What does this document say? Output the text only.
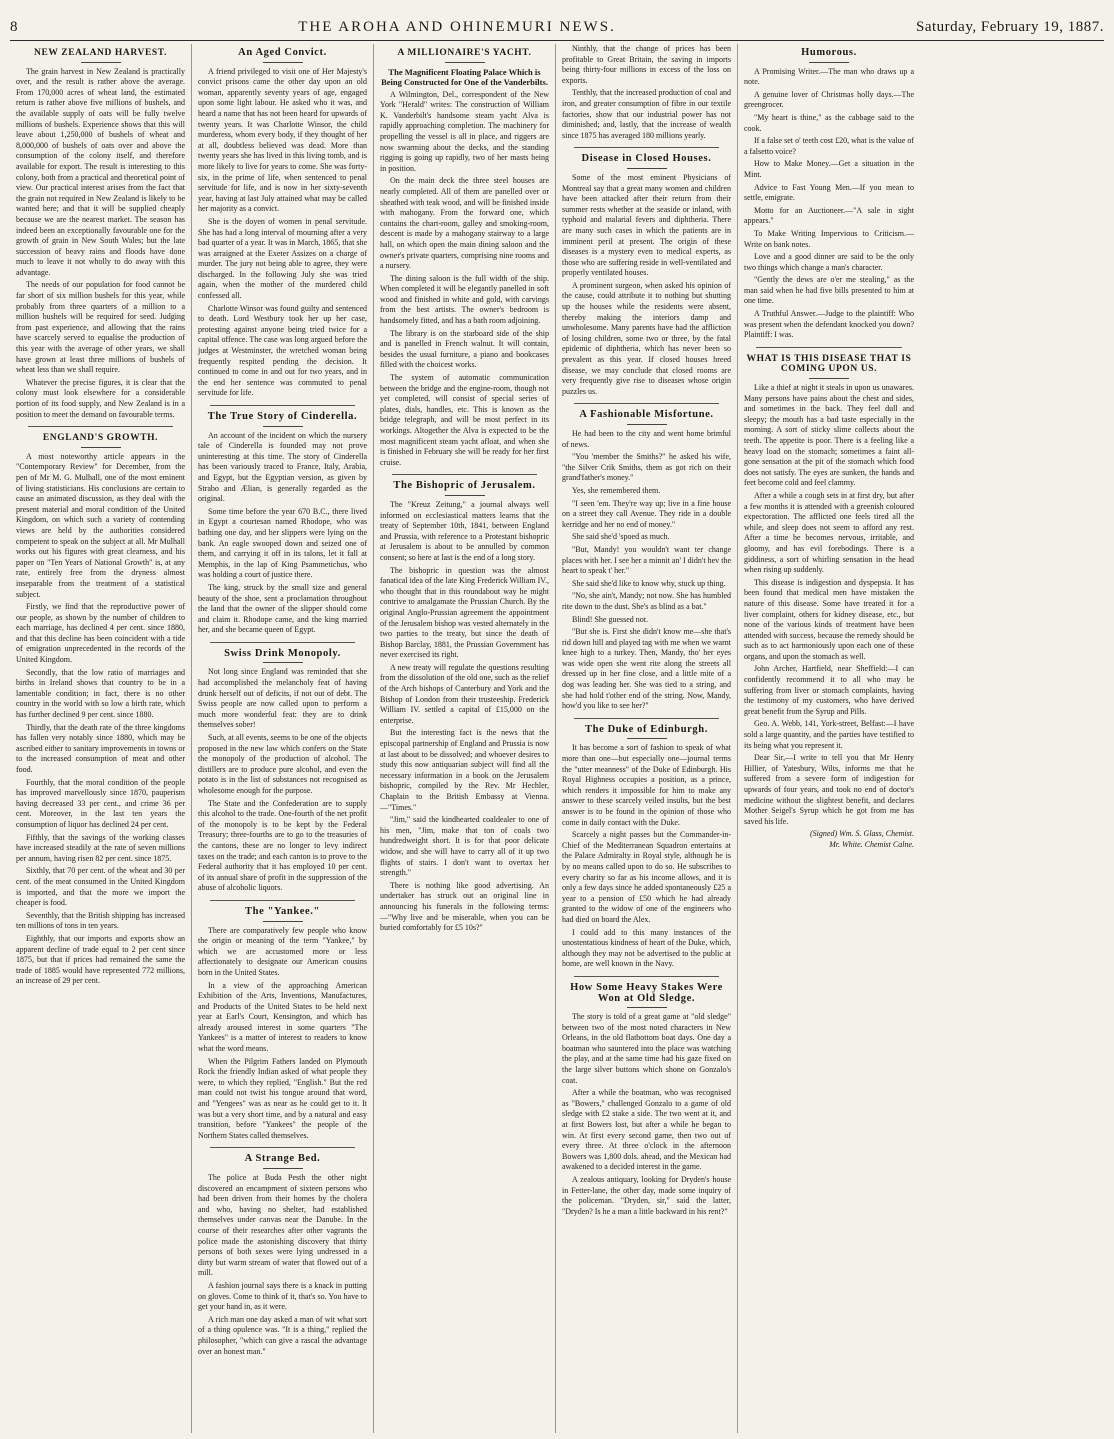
8	THE AROHA AND OHINEMURI NEWS.	Saturday, February 19, 1887.
NEW ZEALAND HARVEST.

The grain harvest in New Zealand is practically over, and the result is rather above the average. From 170,000 acres of wheat land, the estimated return is rather above five millions of bushels, and the available supply of oats will be fully twelve millions of bushels. Experience shows that this will leave about 1,250,000 of bushels of wheat and 8,000,000 of bushels of oats over and above the consumption of the colony itself, and therefore available for export. The result is interesting to this colony, both from a practical and theoretical point of view. Our practical interest arises from the fact that the grain not required in New Zealand is likely to be wanted here; and that it will be supplied cheaply because we are the nearest market. The season has indeed been an exceptionally favourable one for the growth of grain in New South Wales; but the late succession of heavy rains and floods have done much to leave it not wholly to do away with this advantage.

The needs of our population for food cannot be far short of six million bushels for this year, while probably from three quarters of a million to a million bushels will be required for seed. Judging from past experience, and allowing that the rains have scarcely served to equalise the production of this year with the average of other years, we shall have grown at least three millions of bushels of wheat less than we shall require.

Whatever the precise figures, it is clear that the colony must look elsewhere for a considerable portion of its food supply, and New Zealand is in a position to meet the demand on favourable terms.

ENGLAND'S GROWTH.

A most noteworthy article appears in the "Contemporary Review" for December, from the pen of Mr M. G. Mulhall, one of the most eminent of living statisticians. His conclusions are certain to cause an animated discussion, as they deal with the present material and moral condition of the United Kingdom, on which such a variety of contending views are held by the authorities considered competent to speak on the subject at all. Mr Mulhall works out his figures with great clearness, and his paper on "Ten Years of National Growth" is, at any rate, entirely free from the dryness almost inseparable from the treatment of a statistical subject.

Firstly, we find that the reproductive power of our people, as shown by the number of children to each marriage, has declined 4 per cent. since 1880, and that this decline has been coincident with a tide of emigration unprecedented in the records of the United Kingdom.

Secondly, that the low ratio of marriages and births in Ireland shows that country to be in a lamentable condition; in fact, there is no other country in the world with so low a birth rate, which has further declined 9 per cent. since 1880.

Thirdly, that the death rate of the three kingdoms has fallen very notably since 1880, which may be ascribed either to sanitary improvements in towns or to the increased consumption of meat and other food.

Fourthly, that the moral condition of the people has improved marvellously since 1870, pauperism having decreased 33 per cent., and crime 36 per cent. Moreover, in the last ten years the consumption of liquor has declined 24 per cent.

Fifthly, that the savings of the working classes have increased steadily at the rate of seven millions per annum, having risen 82 per cent. since 1875.

Sixthly, that 70 per cent. of the wheat and 30 per cent. of the meat consumed in the United Kingdom is imported, and that the more we import the cheaper is food.

Seventhly, that the British shipping has increased ten millions of tons in ten years.

Eighthly, that our imports and exports show an apparent decline of trade equal to 2 per cent since 1875, but that if prices had remained the same the trade of 1885 would have represented 772 millions, an increase of 29 per cent.

An Aged Convict.

A friend privileged to visit one of Her Majesty's convict prisons came the other day upon an old woman, apparently seventy years of age, engaged upon some light labour. He asked who it was, and heard a name that has not been heard for upwards of twenty years. It was Charlotte Winsor, the child murderess, whom every body, if they thought of her at all, doubtless believed was dead. More than twenty years she has lived in this living tomb, and is more likely to live for years to come. She was forty-six, in the prime of life, when sentenced to penal servitude for life, and is now in her sixty-seventh year, having at last July attained what may be called her majority as a convict.

She is the doyen of women in penal servitude. She has had a long interval of mourning after a very bad quarter of a year. It was in March, 1865, that she was arraigned at the Exeter Assizes on a charge of murder. The jury not being able to agree, they were discharged. In the following July she was tried again, when the mother of the murdered child confessed all.

Charlotte Winsor was found guilty and sentenced to death. Lord Westbury took her up her case, protesting against anyone being tried twice for a capital offence. The case was long argued before the judges at Westminster, the wretched woman being frequently respited pending the decision. It continued to come in and out for two years, and in the end her sentence was commuted to penal servitude for life.

The True Story of Cinderella.

An account of the incident on which the nursery tale of Cinderella is founded may not prove uninteresting at this time. The story of Cinderella has been variously traced to France, Italy, Arabia, and Egypt, but the Egyptian version, as given by Strabo and Ælian, is generally regarded as the original.

Some time before the year 670 B.C., there lived in Egypt a courtesan named Rhodope, who was bathing one day, and her slippers were lying on the bank. An eagle swooped down and seized one of them, and carrying it off in its talons, let it fall at Memphis, in the lap of King Psammetichus, who was holding a court of justice there.

The king, struck by the small size and general beauty of the shoe, sent a proclamation throughout the land that the owner of the slipper should come and claim it. Rhodope came, and the king married her, and she became queen of Egypt.

Swiss Drink Monopoly.

Not long since England was reminded that she had accomplished the melancholy feat of having drunk herself out of deficits, if not out of debt. The Swiss people are now called upon to perform a much more wonderful feat: they are to drink themselves sober!

Such, at all events, seems to be one of the objects proposed in the new law which confers on the State the monopoly of the production of alcohol. The distillers are to produce pure alcohol, and even the potato is in the list of substances not recognised as wholesome enough for the purpose.

The State and the Confederation are to supply this alcohol to the trade. One-fourth of the net profit of the monopoly is to be kept by the Federal Treasury; three-fourths are to go to the treasuries of the cantons, these are no longer to levy indirect taxes on the trade; and each canton is to prove to the Federal authority that it has employed 10 per cent. of its annual share of profit in the suppression of the abuse of alcoholic liquors.

The "Yankee."

There are comparatively few people who know the origin or meaning of the term "Yankee," by which we are accustomed more or less affectionately to designate our American cousins born in the United States.

In a view of the approaching American Exhibition of the Arts, Inventions, Manufactures, and Products of the United States to be held next year at Earl's Court, Kensington, and which has already aroused interest in some quarters "The Yankees" is a matter of interest to readers to know what the word means.

When the Pilgrim Fathers landed on Plymouth Rock the friendly Indian asked of what people they were, to which they replied, "English." But the red man could not twist his tongue around that word, and "Yengees" was as near as he could get to it. It was but a very short time, and by a natural and easy transition, before "Yankees" the people of the Northern States called themselves.

A Strange Bed.

The police at Buda Pesth the other night discovered an encampment of sixteen persons who had been driven from their homes by the cholera and who, having no shelter, had established themselves under canvas near the Danube. In the course of their researches after other vagrants the police made the astonishing discovery that thirty persons of both sexes were lying undressed in a dirty but warm stream of water that flowed out of a mill.

A fashion journal says there is a knack in putting on gloves. Come to think of it, that's so. You have to get your hand in, as it were.

A rich man one day asked a man of wit what sort of a thing opulence was. "It is a thing," replied the philosopher, "which can give a rascal the advantage over an honest man."

A MILLIONAIRE'S YACHT.
The Magnificent Floating Palace Which is Being Constructed for One of the Vanderbilts.

A Wilmington, Del., correspondent of the New York "Herald" writes: The construction of William K. Vanderbilt's handsome steam yacht Alva is rapidly approaching completion. The machinery for propelling the vessel is all in place, and riggers are now swarming about the decks, and the standing rigging is going up rapidly, two of her masts being in position.

On the main deck the three steel houses are nearly completed. All of them are panelled over or sheathed with teak wood, and will be finished inside with mahogany. From the forward one, which contains the chart-room, galley and smoking-room, descent is made by a mahogany stairway to a large hall, on which open the main dining saloon and the owner's private quarters, comprising nine rooms and a nursery.

The dining saloon is the full width of the ship. When completed it will be elegantly panelled in soft wood and finished in white and gold, with carvings from the best artists. The owner's bedroom is handsomely fitted, and has a bath room adjoining.

The library is on the starboard side of the ship and is panelled in French walnut. It will contain, besides the usual furniture, a piano and bookcases filled with the choicest works.

The system of automatic communication between the bridge and the engine-room, though not yet completed, will consist of special series of plates, dials, handles, etc. This is known as the bridge telegraph, and will be most perfect in its workings. Altogether the Alva is expected to be the most magnificent steam yacht afloat, and when she is finished in February she will be ready for her first cruise.

The Bishopric of Jerusalem.

The "Kreuz Zeitung," a journal always well informed on ecclesiastical matters learns that the treaty of September 10th, 1841, between England and Prussia, with reference to a Protestant bishopric at Jerusalem is about to be annulled by common consent; so here at last is the end of a long story.

The bishopric in question was the almost fanatical idea of the late King Frederick William IV., who thought that in this roundabout way he might contrive to amalgamate the Prussian Church. By the original Anglo-Prussian agreement the appointment of the Jerusalem bishop was vested alternately in the two parties to the treaty, but since the death of Bishop Barclay, 1881, the Prussian Government has never exercised its right.

A new treaty will regulate the questions resulting from the dissolution of the old one, such as the relief of the Arch bishops of Canterbury and York and the Bishop of London from their trusteeship. Frederick William IV. settled a capital of £15,000 on the enterprise.

But the interesting fact is the news that the episcopal partnership of England and Prussia is now at last about to be dissolved; and whoever desires to study this now antiquarian subject will find all the necessary information in a book on the Jerusalem bishopric, compiled by the Rev. Mr Hechler, Chaplain to the British Embassy at Vienna.—"Times."

"Jim," said the kindhearted coaldealer to one of his men, "Jim, make that ton of coals two hundredweight short. It is for that poor delicate widow, and she will have to carry all of it up two flights of stairs. I don't want to overtax her strength."

There is nothing like good advertising. An undertaker has struck out an original line in announcing his funerals in the following terms:—"Why live and be miserable, when you can be buried comfortably for £5 10s?"

Ninthly, that the change of prices has been profitable to Great Britain, the saving in imports being thirty-four millions in excess of the loss on exports.

Tenthly, that the increased production of coal and iron, and greater consumption of fibre in our textile factories, show that our industrial power has not diminished; and, lastly, that the increase of wealth since 1875 has averaged 180 millions yearly.

Disease in Closed Houses.

Some of the most eminent Physicians of Montreal say that a great many women and children have been attacked after their return from their summer rests whether at the seaside or inland, with typhoid and malarial fevers and diphtheria. There are many such cases in which the patients are in imminent peril at present. The origin of these diseases is a mystery even to medical experts, as those who are suffering reside in well-ventilated and properly ventilated houses.

A prominent surgeon, when asked his opinion of the cause, could attribute it to nothing but shutting up the houses while the residents were absent, thereby making the interiors damp and unwholesome. Many parents have had the affliction of losing children, some two or three, by the fatal epidemic of diphtheria, which has never been so prevalent as this year. If closed houses breed disease, we may conclude that closed rooms are very frequently give rise to diseases whose origin puzzles us.

A Fashionable Misfortune.

He had been to the city and went home brimful of news.

"You 'member the Smiths?" he asked his wife, "the Silver Crik Smiths, them as got rich on their grand'father's money."

Yes, she remembered them.

"I seen 'em. They're way up; live in a fine house on a street they call Avenue. They ride in a double kerridge and her no end of money."

She said she'd 'spoed as much.

"But, Mandy! you wouldn't want ter change places with her. I see her a minnit an' I didn't hev the heart to speak t' her."

She said she'd like to know why, stuck up thing.

"No, she ain't, Mandy; not now. She has humbled rite down to the dust. She's as blind as a bat."

Blind! She guessed not.

"But she is. First she didn't know me—she that's rid down hill and played tag with me when we warnt knee high to a turkey. Then, Mandy, tho' her eyes was wide open she went rite along the streets all dressed up in her fine close, and a little mite of a dog was leading her. She was tied to a string, and she had hold t'other end of the string. Now, Mandy, how'd you like to see her?"

The Duke of Edinburgh.

It has become a sort of fashion to speak of what more than one—but especially one—journal terms the "utter meanness" of the Duke of Edinburgh. His Royal Highness occupies a position, as a prince, which renders it impossible for him to make any answer to these scarcely veiled insults, but the best answer is to be found in the opinion of those who come in daily contact with the Duke.

Scarcely a night passes but the Commander-in-Chief of the Mediterranean Squadron entertains at the Palace Admiralty in Royal style, although he is by no means called upon to do so. He subscribes to every charity so far as his income allows, and it is only a few days since he added spontaneously £25 a year to a pension of £50 which he had already granted to the widow of one of the engineers who had died on board the Alex.

I could add to this many instances of the unostentatious kindness of heart of the Duke, which, although they may not be advertised to the public at home, are well known in the Navy.

How Some Heavy Stakes Were Won at Old Sledge.

The story is told of a great game at "old sledge" between two of the most noted characters in New Orleans, in the old flatbottom boat days. One day a boatman who sauntered into the place was watching the play, and at the same time had his gaze fixed on the large silver buttons which shone on Gonzalo's coat.

After a while the boatman, who was recognised as "Bowers," challenged Gonzalo to a game of old sledge with £2 stake a side. The two went at it, and at first Bowers lost, but after a while he began to win. At first every second game, then two out of every three. At three o'clock in the afternoon Bowers was 1,800 dols. ahead, and the Mexican had awakened to a decided interest in the game.

A zealous antiquary, looking for Dryden's house in Fetter-lane, the other day, made some inquiry of the policeman. "Dryden, sir," said the latter, "Dryden? Is he a man a little backward in his rent?"

Humorous.

A Promising Writer.—The man who draws up a note.

A genuine lover of Christmas holly days.—The greengrocer.

"My heart is thine," as the cabbage said to the cook.

If a false set o' teeth cost £20, what is the value of a falsetto voice?

How to Make Money.—Get a situation in the Mint.

Advice to Fast Young Men.—If you mean to settle, emigrate.

Motto for an Auctioneer.—"A sale in sight appears."

To Make Writing Impervious to Criticism.—Write on bank notes.

Love and a good dinner are said to be the only two things which change a man's character.

"Gently the dews are o'er me stealing," as the man said when he had five bills presented to him at one time.

A Truthful Answer.—Judge to the plaintiff: Who was present when the defendant knocked you down? Plaintiff: I was.

WHAT IS THIS DISEASE THAT IS COMING UPON US.

Like a thief at night it steals in upon us unawares. Many persons have pains about the chest and sides, and sometimes in the back. They feel dull and sleepy; the mouth has a bad taste especially in the morning. A sort of sticky slime collects about the teeth. The appetite is poor. There is a feeling like a heavy load on the stomach; sometimes a faint all-gone sensation at the pit of the stomach which food does not satisfy. The eyes are sunken, the hands and feet become cold and feel clammy.

After a while a cough sets in at first dry, but after a few months it is attended with a greenish coloured expectoration. The afflicted one feels tired all the while, and sleep does not seem to afford any rest. After a time he becomes nervous, irritable, and gloomy, and has evil forebodings. There is a giddiness, a sort of whirling sensation in the head when rising up suddenly.

This disease is indigestion and dyspepsia. It has been found that medical men have mistaken the nature of this disease. Some have treated it for a liver complaint, others for kidney disease, etc., but none of the various kinds of treatment have been attended with success, because the remedy should be such as to act harmoniously upon each one of these organs, and upon the stomach as well.

John Archer, Hartfield, near Sheffield:—I can confidently recommend it to all who may be suffering from liver or stomach complaints, having the testimony of my customers, who have derived great benefit from the Syrup and Pills.

Geo. A. Webb, 141, York-street, Belfast:—I have sold a large quantity, and the parties have testified to its being what you represent it.

Dear Sir,—I write to tell you that Mr Henry Hillier, of Yatesbury, Wilts, informs me that he suffered from a severe form of indigestion for upwards of four years, and took no end of doctor's medicine without the slightest benefit, and declares Mother Seigel's Syrup which he got from me has saved his life.

(Signed) Wm. S. Glass, Chemist.
Mr. White. Chemist Calne.
